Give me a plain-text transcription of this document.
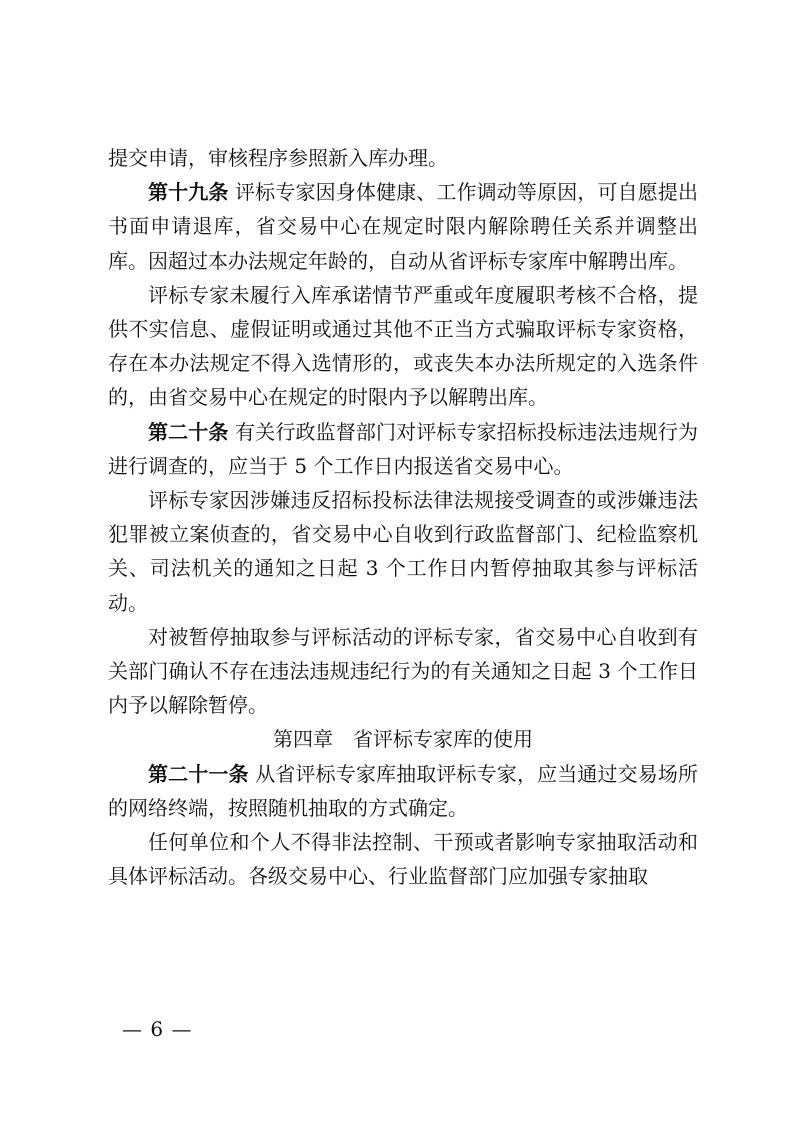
提交申请，审核程序参照新入库办理。

第十九条 评标专家因身体健康、工作调动等原因，可自愿提出书面申请退库，省交易中心在规定时限内解除聘任关系并调整出库。因超过本办法规定年龄的，自动从省评标专家库中解聘出库。

评标专家未履行入库承诺情节严重或年度履职考核不合格，提供不实信息、虚假证明或通过其他不正当方式骗取评标专家资格，存在本办法规定不得入选情形的，或丧失本办法所规定的入选条件的，由省交易中心在规定的时限内予以解聘出库。

第二十条 有关行政监督部门对评标专家招标投标违法违规行为进行调查的，应当于 5 个工作日内报送省交易中心。

评标专家因涉嫌违反招标投标法律法规接受调查的或涉嫌违法犯罪被立案侦查的，省交易中心自收到行政监督部门、纪检监察机关、司法机关的通知之日起 3 个工作日内暂停抽取其参与评标活动。

对被暂停抽取参与评标活动的评标专家，省交易中心自收到有关部门确认不存在违法违规违纪行为的有关通知之日起 3 个工作日内予以解除暂停。

第四章　省评标专家库的使用

第二十一条 从省评标专家库抽取评标专家，应当通过交易场所的网络终端，按照随机抽取的方式确定。

任何单位和个人不得非法控制、干预或者影响专家抽取活动和具体评标活动。各级交易中心、行业监督部门应加强专家抽取

— 6 —
